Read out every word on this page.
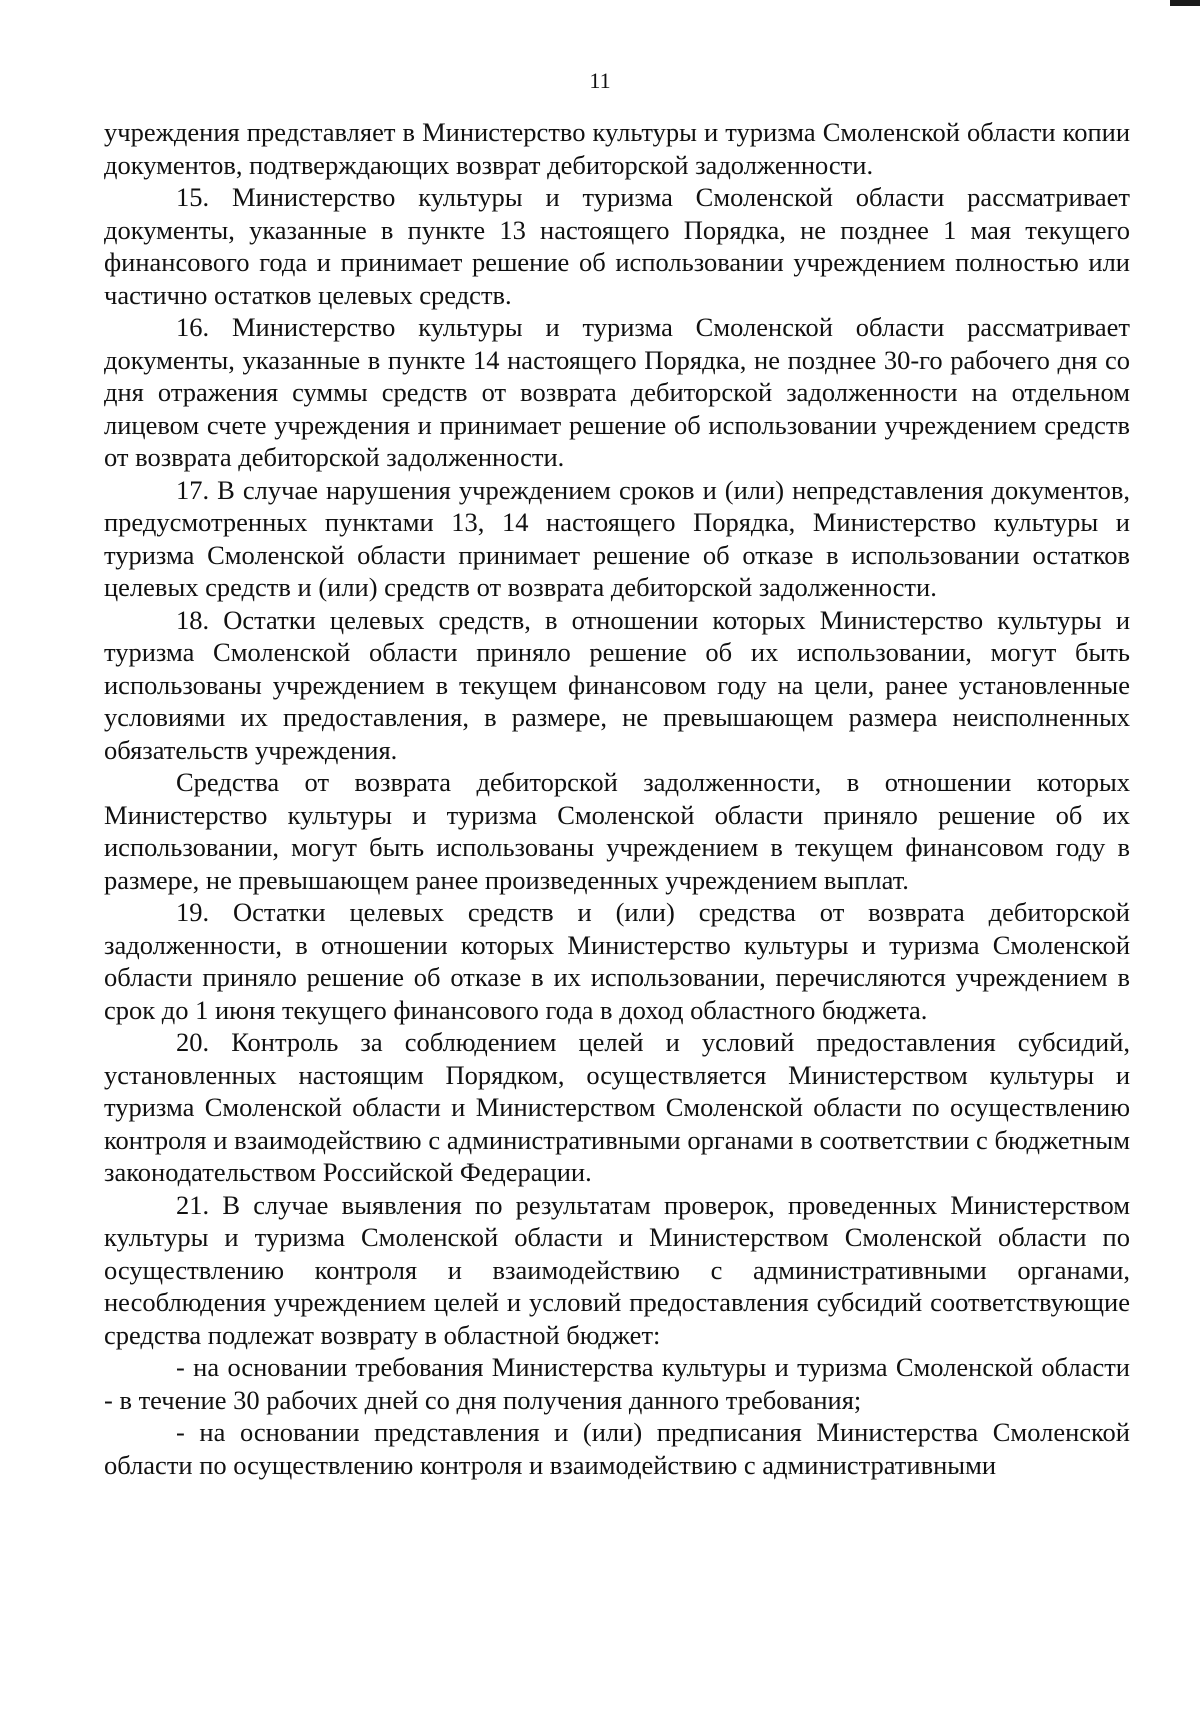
11

учреждения представляет в Министерство культуры и туризма Смоленской области копии документов, подтверждающих возврат дебиторской задолженности.

15. Министерство культуры и туризма Смоленской области рассматривает документы, указанные в пункте 13 настоящего Порядка, не позднее 1 мая текущего финансового года и принимает решение об использовании учреждением полностью или частично остатков целевых средств.

16. Министерство культуры и туризма Смоленской области рассматривает документы, указанные в пункте 14 настоящего Порядка, не позднее 30-го рабочего дня со дня отражения суммы средств от возврата дебиторской задолженности на отдельном лицевом счете учреждения и принимает решение об использовании учреждением средств от возврата дебиторской задолженности.

17. В случае нарушения учреждением сроков и (или) непредставления документов, предусмотренных пунктами 13, 14 настоящего Порядка, Министерство культуры и туризма Смоленской области принимает решение об отказе в использовании остатков целевых средств и (или) средств от возврата дебиторской задолженности.

18. Остатки целевых средств, в отношении которых Министерство культуры и туризма Смоленской области приняло решение об их использовании, могут быть использованы учреждением в текущем финансовом году на цели, ранее установленные условиями их предоставления, в размере, не превышающем размера неисполненных обязательств учреждения.

Средства от возврата дебиторской задолженности, в отношении которых Министерство культуры и туризма Смоленской области приняло решение об их использовании, могут быть использованы учреждением в текущем финансовом году в размере, не превышающем ранее произведенных учреждением выплат.

19. Остатки целевых средств и (или) средства от возврата дебиторской задолженности, в отношении которых Министерство культуры и туризма Смоленской области приняло решение об отказе в их использовании, перечисляются учреждением в срок до 1 июня текущего финансового года в доход областного бюджета.

20. Контроль за соблюдением целей и условий предоставления субсидий, установленных настоящим Порядком, осуществляется Министерством культуры и туризма Смоленской области и Министерством Смоленской области по осуществлению контроля и взаимодействию с административными органами в соответствии с бюджетным законодательством Российской Федерации.

21. В случае выявления по результатам проверок, проведенных Министерством культуры и туризма Смоленской области и Министерством Смоленской области по осуществлению контроля и взаимодействию с административными органами, несоблюдения учреждением целей и условий предоставления субсидий соответствующие средства подлежат возврату в областной бюджет:

- на основании требования Министерства культуры и туризма Смоленской области - в течение 30 рабочих дней со дня получения данного требования;

- на основании представления и (или) предписания Министерства Смоленской области по осуществлению контроля и взаимодействию с административными
